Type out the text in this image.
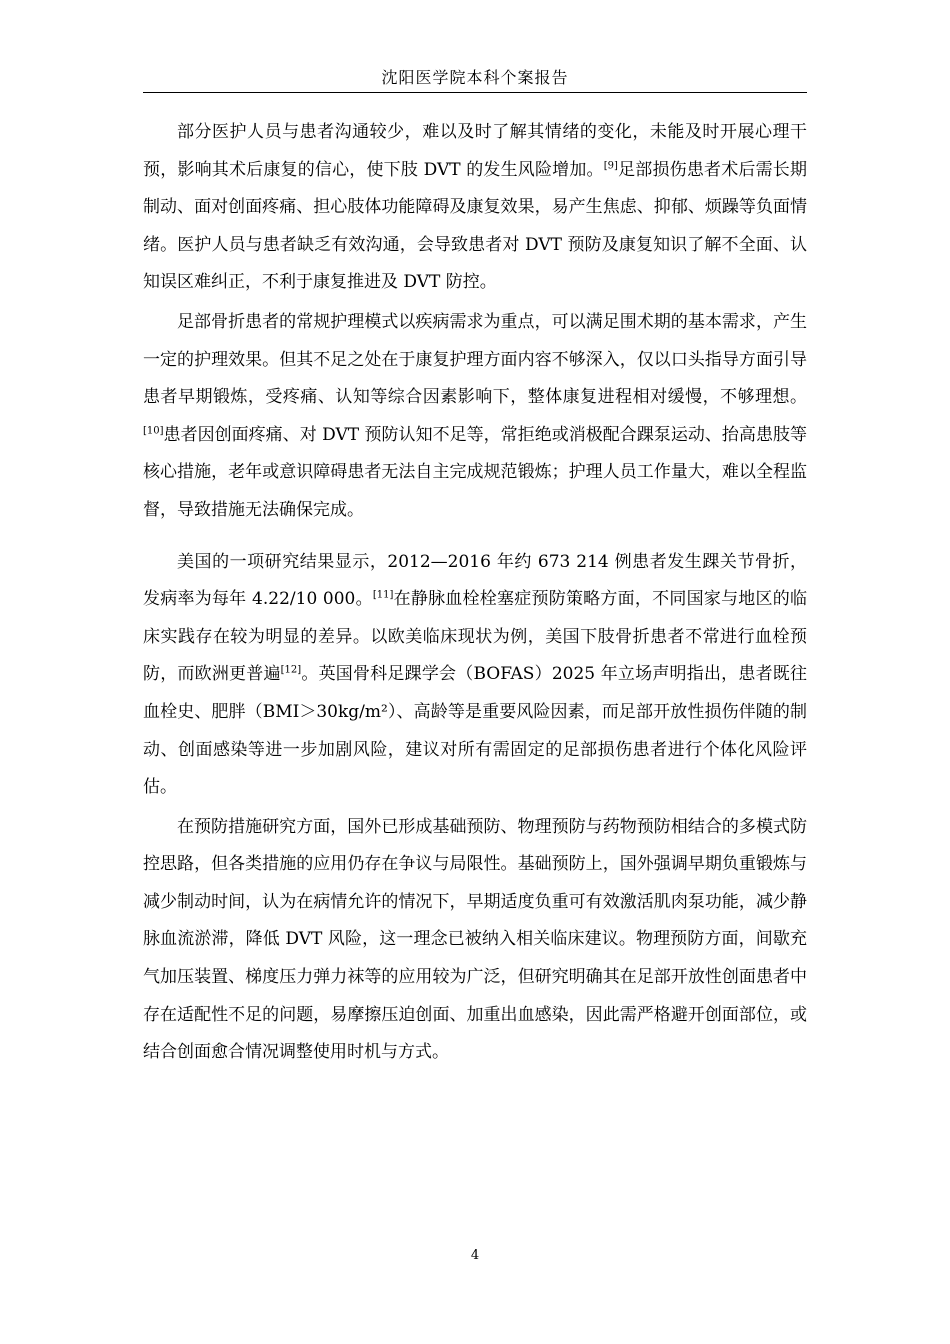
沈阳医学院本科个案报告

部分医护人员与患者沟通较少，难以及时了解其情绪的变化，未能及时开展心理干预，影响其术后康复的信心，使下肢 DVT 的发生风险增加。[9]足部损伤患者术后需长期制动、面对创面疼痛、担心肢体功能障碍及康复效果，易产生焦虑、抑郁、烦躁等负面情绪。医护人员与患者缺乏有效沟通，会导致患者对 DVT 预防及康复知识了解不全面、认知误区难纠正，不利于康复推进及 DVT 防控。

足部骨折患者的常规护理模式以疾病需求为重点，可以满足围术期的基本需求，产生一定的护理效果。但其不足之处在于康复护理方面内容不够深入，仅以口头指导方面引导患者早期锻炼，受疼痛、认知等综合因素影响下，整体康复进程相对缓慢，不够理想。[10]患者因创面疼痛、对 DVT 预防认知不足等，常拒绝或消极配合踝泵运动、抬高患肢等核心措施，老年或意识障碍患者无法自主完成规范锻炼；护理人员工作量大，难以全程监督，导致措施无法确保完成。

美国的一项研究结果显示，2012—2016 年约 673 214 例患者发生踝关节骨折，发病率为每年 4.22/10 000。[11]在静脉血栓栓塞症预防策略方面，不同国家与地区的临床实践存在较为明显的差异。以欧美临床现状为例，美国下肢骨折患者不常进行血栓预防，而欧洲更普遍[12]。英国骨科足踝学会（BOFAS）2025 年立场声明指出，患者既往血栓史、肥胖（BMI＞30kg/m²）、高龄等是重要风险因素，而足部开放性损伤伴随的制动、创面感染等进一步加剧风险，建议对所有需固定的足部损伤患者进行个体化风险评估。

在预防措施研究方面，国外已形成基础预防、物理预防与药物预防相结合的多模式防控思路，但各类措施的应用仍存在争议与局限性。基础预防上，国外强调早期负重锻炼与减少制动时间，认为在病情允许的情况下，早期适度负重可有效激活肌肉泵功能，减少静脉血流淤滞，降低 DVT 风险，这一理念已被纳入相关临床建议。物理预防方面，间歇充气加压装置、梯度压力弹力袜等的应用较为广泛，但研究明确其在足部开放性创面患者中存在适配性不足的问题，易摩擦压迫创面、加重出血感染，因此需严格避开创面部位，或结合创面愈合情况调整使用时机与方式。

4
